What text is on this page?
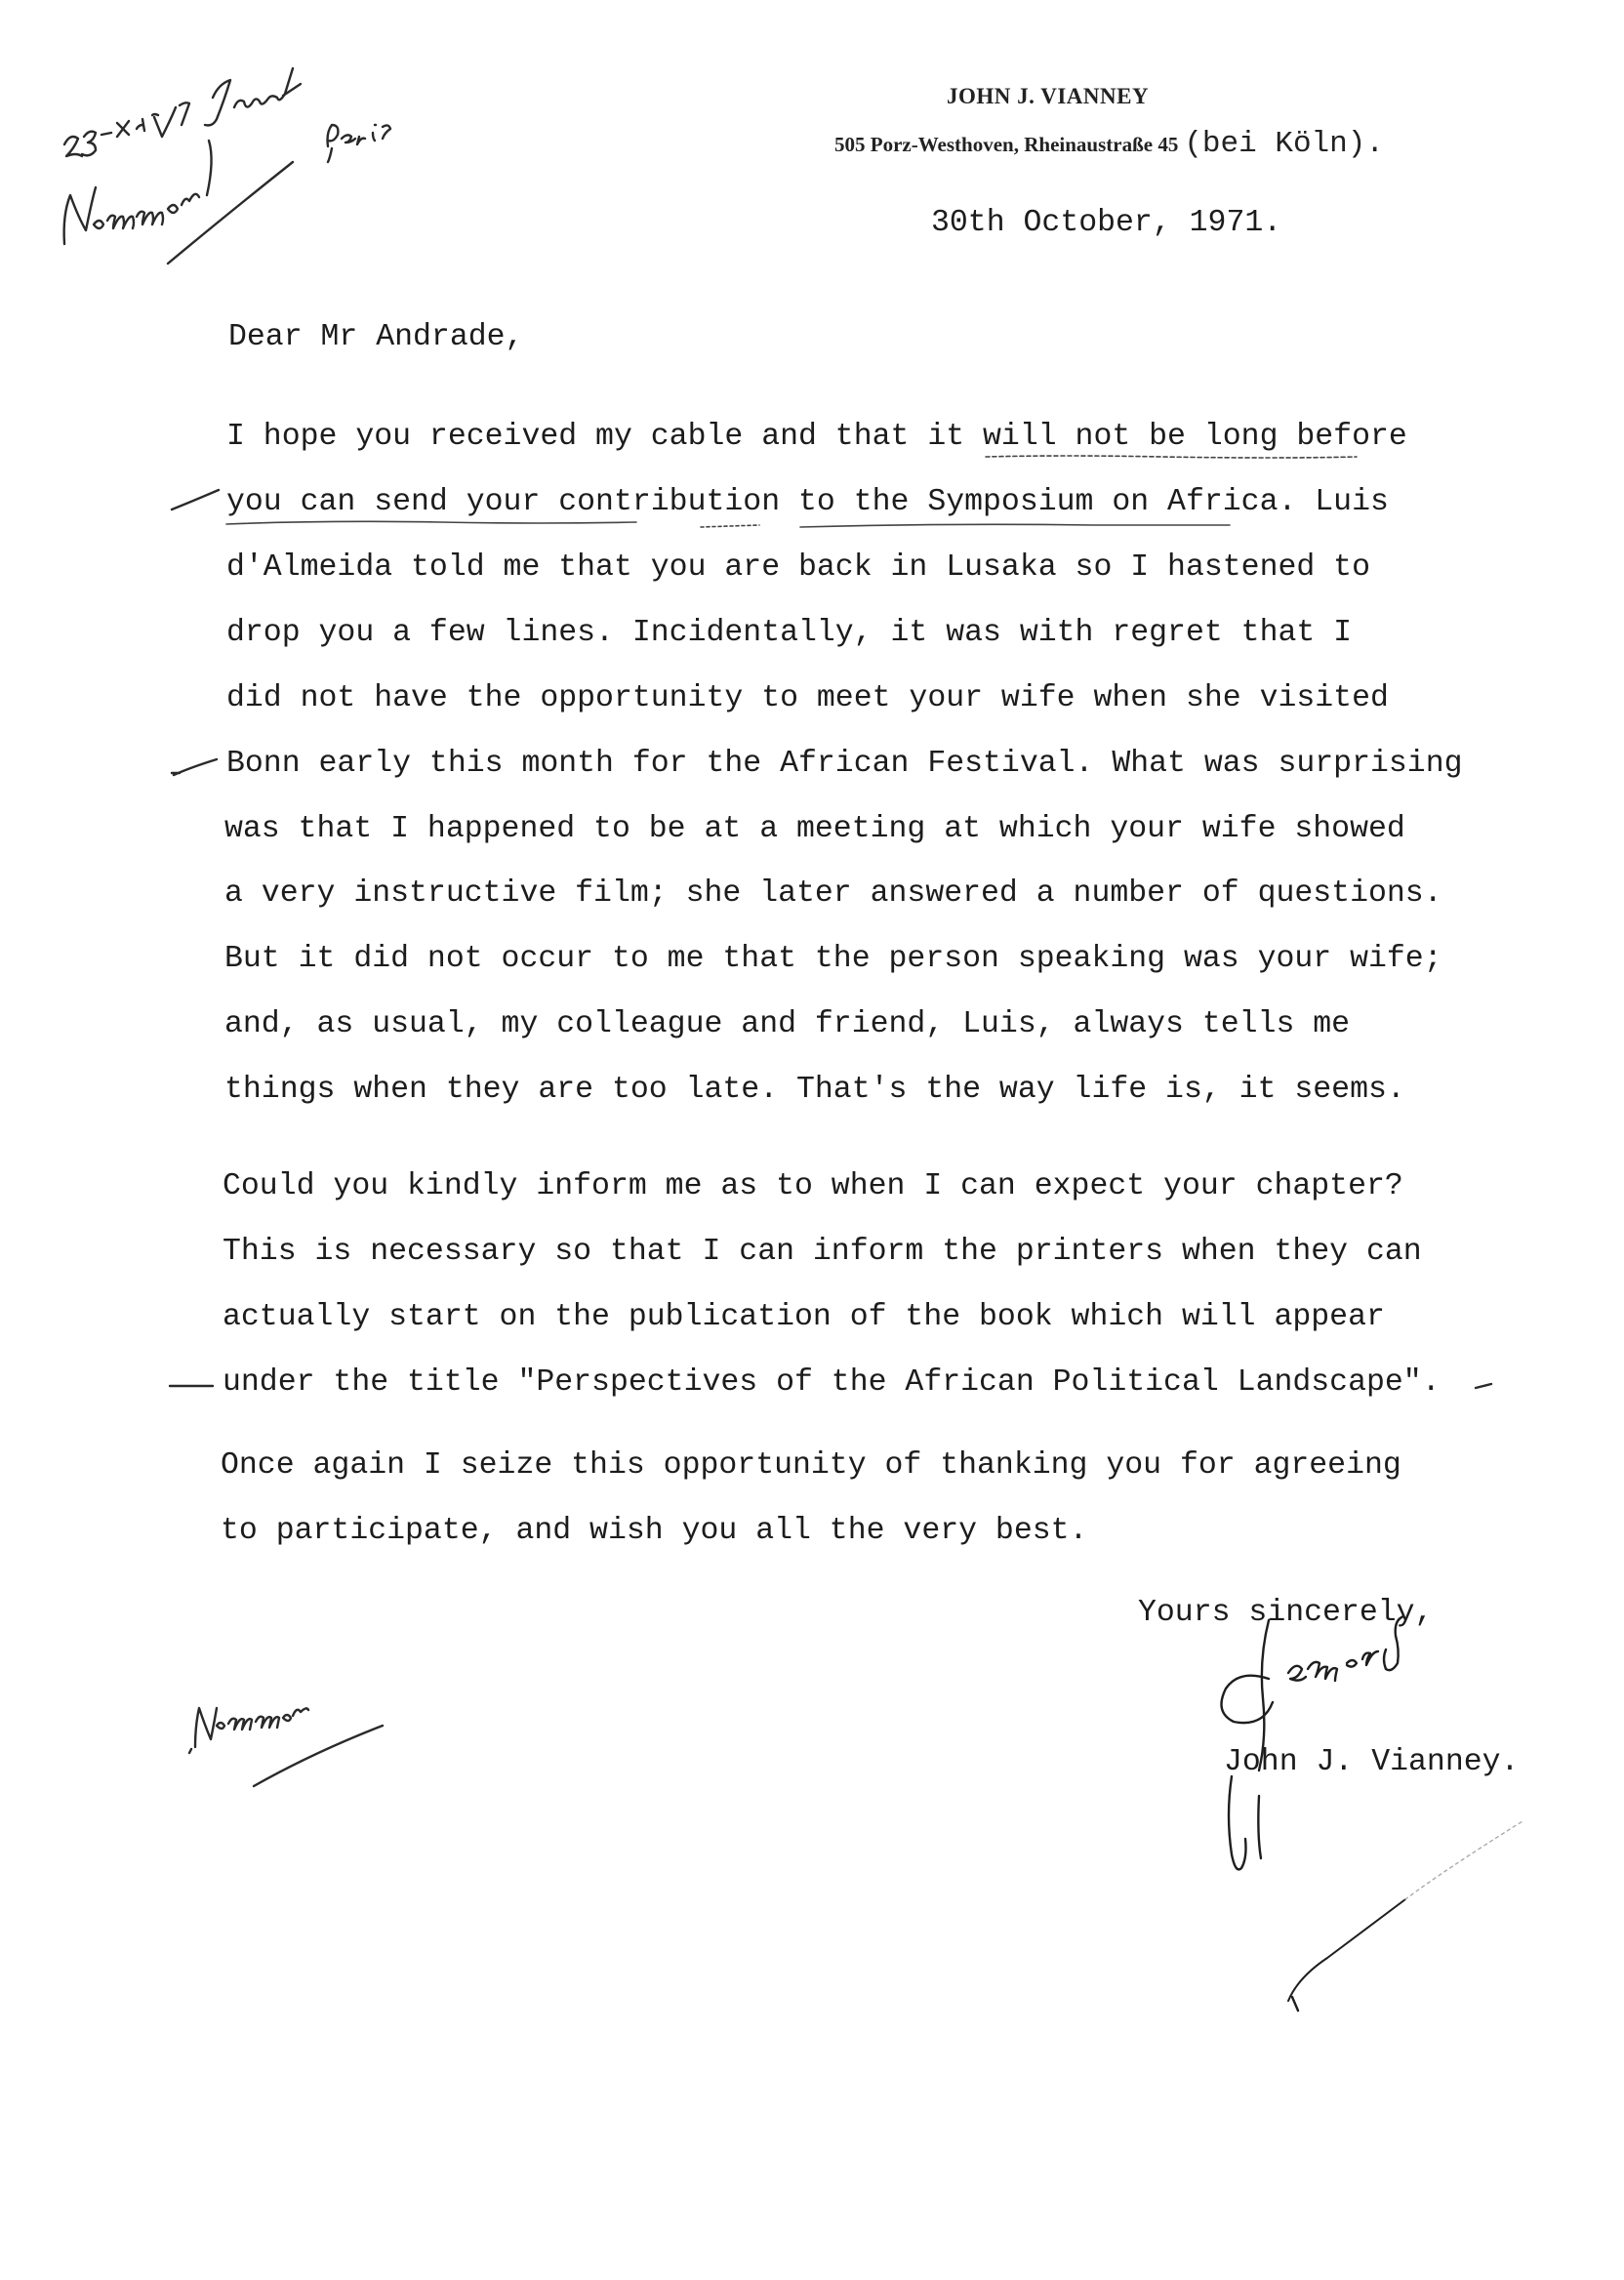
JOHN J. VIANNEY
505 Porz-Westhoven, Rheinaustraße 45 (bei Köln).
30th October, 1971.
Dear Mr Andrade,
I hope you received my cable and that it will not be long before
you can send your contribution to the Symposium on Africa. Luis
d'Almeida told me that you are back in Lusaka so I hastened to
drop you a few lines. Incidentally, it was with regret that I
did not have the opportunity to meet your wife when she visited
Bonn early this month for the African Festival. What was surprising
was that I happened to be at a meeting at which your wife showed
a very instructive film; she later answered a number of questions.
But it did not occur to me that the person speaking was your wife;
and, as usual, my colleague and friend, Luis, always tells me
things when they are too late. That's the way life is, it seems.
Could you kindly inform me as to when I can expect your chapter?
This is necessary so that I can inform the printers when they can
actually start on the publication of the book which will appear
under the title "Perspectives of the African Political Landscape".
Once again I seize this opportunity of thanking you for agreeing
to participate, and wish you all the very best.
Yours sincerely,
John J. Vianney.
